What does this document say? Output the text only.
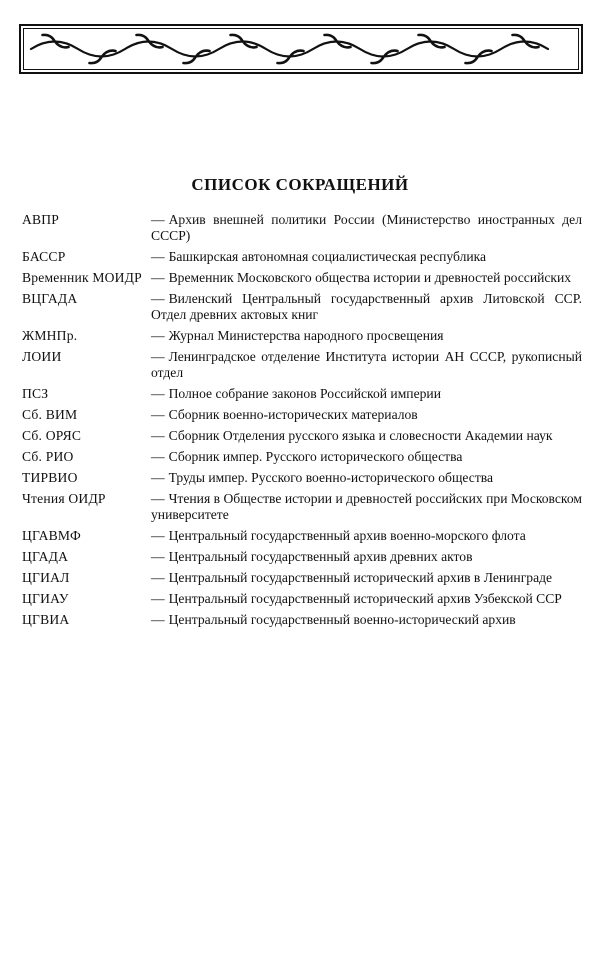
СПИСОК СОКРАЩЕНИЙ
АВПР	— Архив внешней политики России (Министерство иностранных дел СССР)
БАССР	— Башкирская автономная социалистическая республика
Временник МОИДР — Временник Московского общества истории и древностей российских
ВЦГАДА	— Виленский Центральный государственный архив Литовской ССР. Отдел древних актовых книг
ЖМНПр.	— Журнал Министерства народного просвещения
ЛОИИ	— Ленинградское отделение Института истории АН СССР, рукописный отдел
ПСЗ	— Полное собрание законов Российской империи
Сб. ВИМ	— Сборник военно-исторических материалов
Сб. ОРЯС	— Сборник Отделения русского языка и словесности Академии наук
Сб. РИО	— Сборник импер. Русского исторического общества
ТИРВИО	— Труды импер. Русского военно-исторического общества
Чтения ОИДР	— Чтения в Обществе истории и древностей российских при Московском университете
ЦГАВМФ	— Центральный государственный архив военно-морского флота
ЦГАДА	— Центральный государственный архив древних актов
ЦГИАЛ	— Центральный государственный исторический архив в Ленинграде
ЦГИАУ	— Центральный государственный исторический архив Узбекской ССР
ЦГВИА	— Центральный государственный военно-исторический архив
